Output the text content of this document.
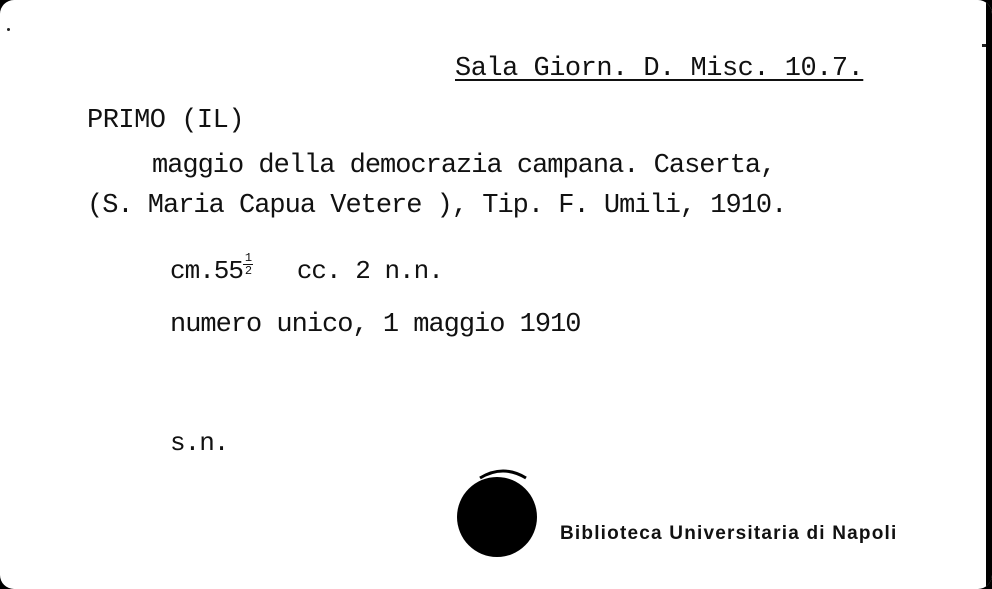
Sala Giorn. D. Misc. 10.7.
PRIMO (IL)
maggio della democrazia campana. Caserta,
(S. Maria Capua Vetere ), Tip. F. Umili, 1910.
$cm.55 \frac{1}{2}$ cc. 2 n.n.
numero unico, 1 maggio 1910
s.n.
Biblioteca Universitaria di Napoli
